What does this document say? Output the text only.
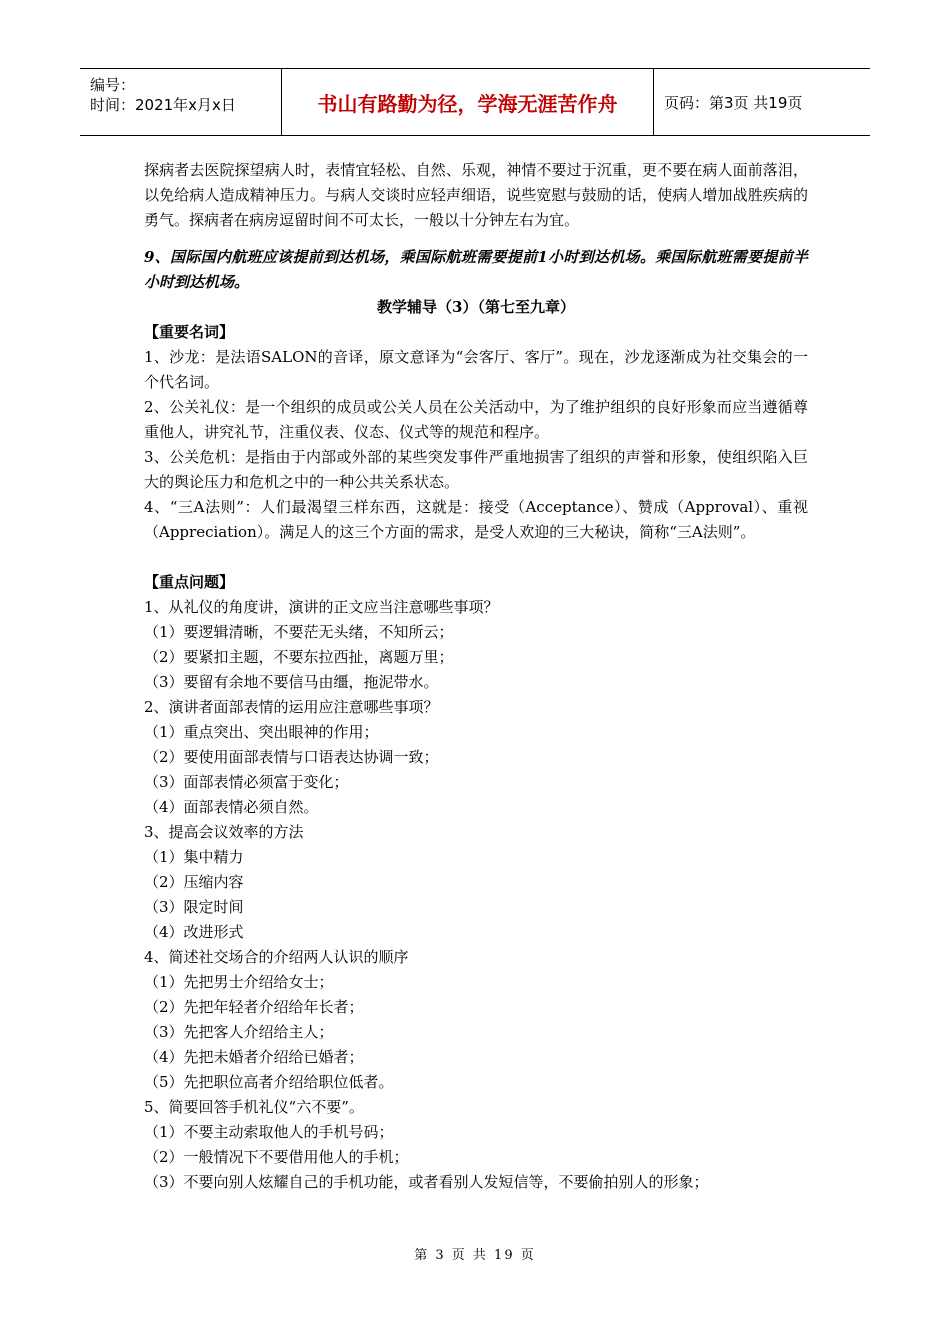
编号：
时间：2021年x月x日	书山有路勤为径，学海无涯苦作舟	页码：第3页 共19页

探病者去医院探望病人时，表情宜轻松、自然、乐观，神情不要过于沉重，更不要在病人面前落泪，以免给病人造成精神压力。与病人交谈时应轻声细语，说些宽慰与鼓励的话，使病人增加战胜疾病的勇气。探病者在病房逗留时间不可太长，一般以十分钟左右为宜。

9、国际国内航班应该提前到达机场，乘国际航班需要提前1小时到达机场。乘国际航班需要提前半小时到达机场。

教学辅导（3）（第七至九章）

【重要名词】

1、沙龙：是法语SALON的音译，原文意译为“会客厅、客厅”。现在，沙龙逐渐成为社交集会的一个代名词。

2、公关礼仪：是一个组织的成员或公关人员在公关活动中，为了维护组织的良好形象而应当遵循尊重他人，讲究礼节，注重仪表、仪态、仪式等的规范和程序。

3、公关危机：是指由于内部或外部的某些突发事件严重地损害了组织的声誉和形象，使组织陷入巨大的舆论压力和危机之中的一种公共关系状态。

4、“三A法则”：人们最渴望三样东西，这就是：接受（Acceptance）、赞成（Approval）、重视（Appreciation）。满足人的这三个方面的需求，是受人欢迎的三大秘诀，简称“三A法则”。

【重点问题】

1、从礼仪的角度讲，演讲的正文应当注意哪些事项？

（1）要逻辑清晰，不要茫无头绪，不知所云；

（2）要紧扣主题，不要东拉西扯，离题万里；

（3）要留有余地不要信马由缰，拖泥带水。

2、演讲者面部表情的运用应注意哪些事项？

（1）重点突出、突出眼神的作用；

（2）要使用面部表情与口语表达协调一致；

（3）面部表情必须富于变化；

（4）面部表情必须自然。

3、提高会议效率的方法

（1）集中精力

（2）压缩内容

（3）限定时间

（4）改进形式

4、简述社交场合的介绍两人认识的顺序

（1）先把男士介绍给女士；

（2）先把年轻者介绍给年长者；

（3）先把客人介绍给主人；

（4）先把未婚者介绍给已婚者；

（5）先把职位高者介绍给职位低者。

5、简要回答手机礼仪“六不要”。

（1）不要主动索取他人的手机号码；

（2）一般情况下不要借用他人的手机；

（3）不要向别人炫耀自己的手机功能，或者看别人发短信等，不要偷拍别人的形象；

第 3 页 共 19 页
